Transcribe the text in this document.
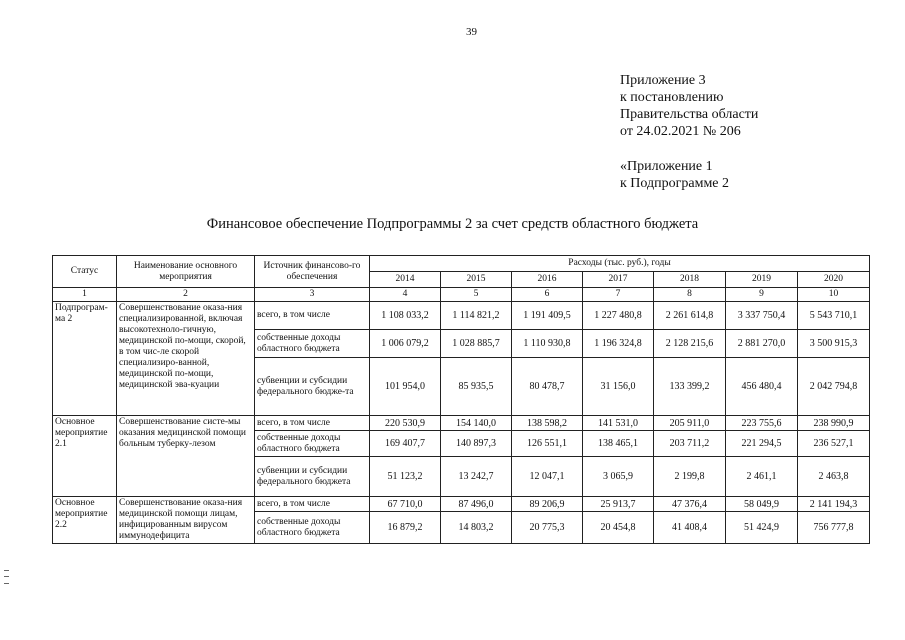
39
Приложение 3
к постановлению
Правительства области
от 24.02.2021 № 206
«Приложение 1
к Подпрограмме 2
Финансовое обеспечение Подпрограммы 2 за счет средств областного бюджета
Статус	Наименование основного мероприятия	Источник финансово-го обеспечения	Расходы (тыс. руб.), годы						
			2014	2015	2016	2017	2018	2019	2020
1	2	3	4	5	6	7	8	9	10
Подпрограм-ма 2	Совершенствование оказа-ния специализированной, включая высокотехноло-гичную, медицинской по-мощи, скорой, в том чис-ле скорой специализиро-ванной, медицинской по-мощи, медицинской эва-куации	всего, в том числе	1 108 033,2	1 114 821,2	1 191 409,5	1 227 480,8	2 261 614,8	3 337 750,4	5 543 710,1
		собственные доходы областного бюджета	1 006 079,2	1 028 885,7	1 110 930,8	1 196 324,8	2 128 215,6	2 881 270,0	3 500 915,3
		субвенции и субсидии федерального бюдже-та	101 954,0	85 935,5	80 478,7	31 156,0	133 399,2	456 480,4	2 042 794,8
Основное мероприятие 2.1	Совершенствование систе-мы оказания медицинской помощи больным туберку-лезом	всего, в том числе	220 530,9	154 140,0	138 598,2	141 531,0	205 911,0	223 755,6	238 990,9
		собственные доходы областного бюджета	169 407,7	140 897,3	126 551,1	138 465,1	203 711,2	221 294,5	236 527,1
		субвенции и субсидии федерального бюджета	51 123,2	13 242,7	12 047,1	3 065,9	2 199,8	2 461,1	2 463,8
Основное мероприятие 2.2	Совершенствование оказа-ния медицинской помощи лицам, инфицированным вирусом иммунодефицита	всего, в том числе	67 710,0	87 496,0	89 206,9	25 913,7	47 376,4	58 049,9	2 141 194,3
		собственные доходы областного бюджета	16 879,2	14 803,2	20 775,3	20 454,8	41 408,4	51 424,9	756 777,8
